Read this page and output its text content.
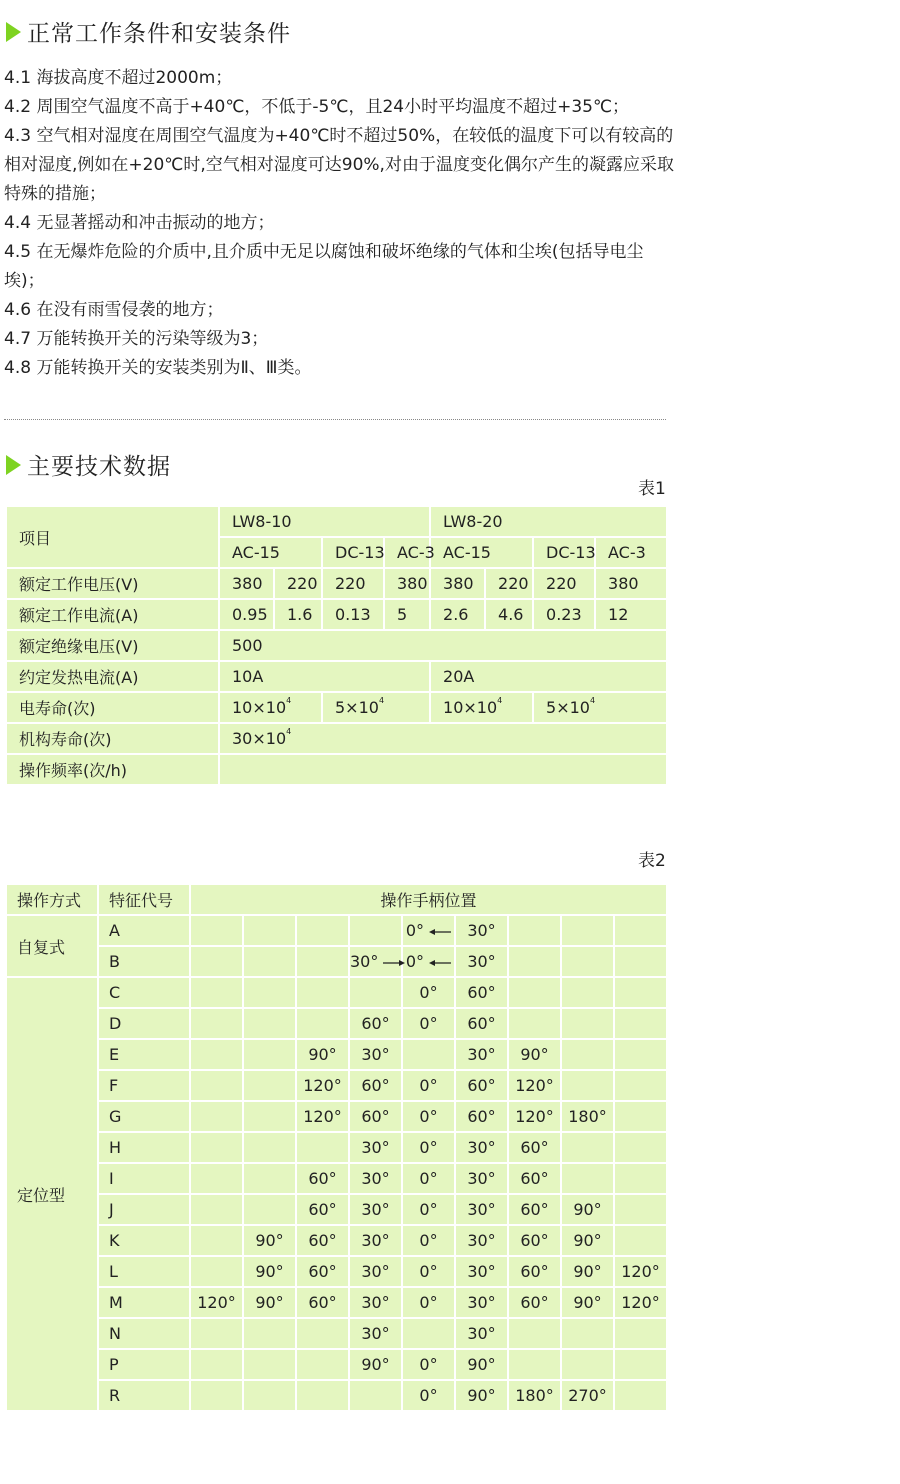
正常工作条件和安装条件

4.1 海拔高度不超过2000m；

4.2 周围空气温度不高于+40℃，不低于-5℃，且24小时平均温度不超过+35℃；

4.3 空气相对湿度在周围空气温度为+40℃时不超过50%，在较低的温度下可以有较高的相对湿度,例如在+20℃时,空气相对湿度可达90%,对由于温度变化偶尔产生的凝露应采取特殊的措施；

4.4 无显著摇动和冲击振动的地方；

4.5 在无爆炸危险的介质中,且介质中无足以腐蚀和破坏绝缘的气体和尘埃(包括导电尘埃)；

4.6 在没有雨雪侵袭的地方；

4.7 万能转换开关的污染等级为3；

4.8 万能转换开关的安装类别为Ⅱ、Ⅲ类。

主要技术数据
表1
项目	LW8-10				LW8-20			
	AC-15		DC-13	AC-3	AC-15		DC-13	AC-3
额定工作电压(V)	380	220	220	380	380	220	220	380
额定工作电流(A)	0.95	1.6	0.13	5	2.6	4.6	0.23	12
额定绝缘电压(V)	500							
约定发热电流(A)	10A				20A			
电寿命(次)	$10\times 10^4$		$5\times 10^4$		$10\times 10^4$		$5\times 10^4$
机构寿命(次)	$30\times 10^4$
操作频率(次/h)								
表2
操作方式	特征代号	操作手柄位置								
自复式	A					0°	30°			
	B				30°	0°	30°			
定位型	C					0°	60°			
	D				60°	0°	60°			
	E			90°	30°		30°	90°		
	F			120°	60°	0°	60°	120°		
	G			120°	60°	0°	60°	120°	180°	
	H				30°	0°	30°	60°		
	I			60°	30°	0°	30°	60°		
	J			60°	30°	0°	30°	60°	90°	
	K		90°	60°	30°	0°	30°	60°	90°	
	L		90°	60°	30°	0°	30°	60°	90°	120°
	M	120°	90°	60°	30°	0°	30°	60°	90°	120°
	N				30°		30°			
	P				90°	0°	90°			
	R					0°	90°	180°	270°	
